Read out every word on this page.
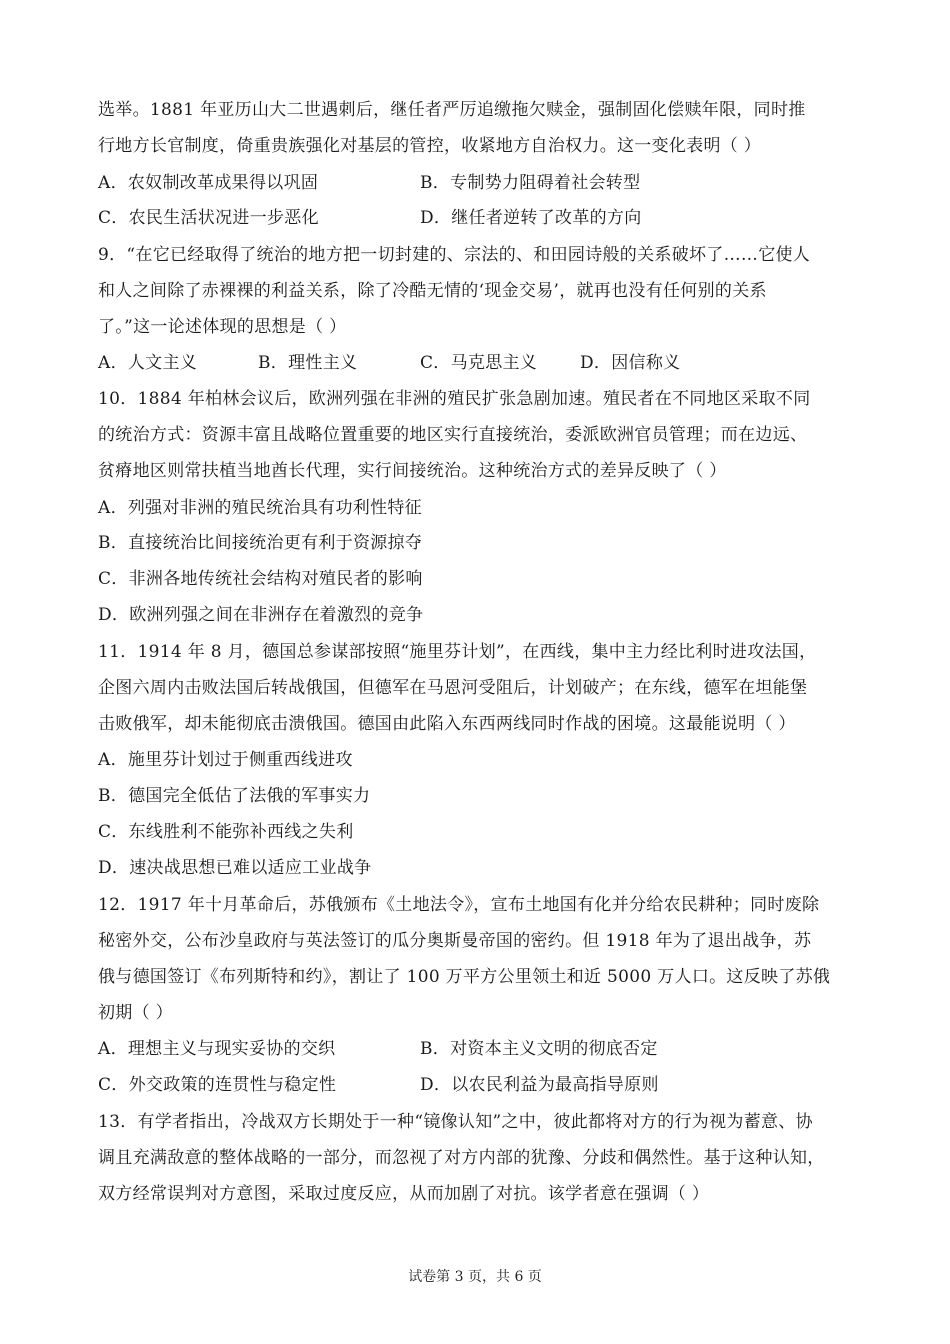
选举。1881 年亚历山大二世遇刺后，继任者严厉追缴拖欠赎金，强制固化偿赎年限，同时推
行地方长官制度，倚重贵族强化对基层的管控，收紧地方自治权力。这一变化表明（ ）
A．农奴制改革成果得以巩固	B．专制势力阻碍着社会转型
C．农民生活状况进一步恶化	D．继任者逆转了改革的方向
9．“在它已经取得了统治的地方把一切封建的、宗法的、和田园诗般的关系破坏了……它使人
和人之间除了赤裸裸的利益关系，除了冷酷无情的‘现金交易’，就再也没有任何别的关系
了。”这一论述体现的思想是（ ）
A．人文主义	B．理性主义	C．马克思主义	D．因信称义
10．1884 年柏林会议后，欧洲列强在非洲的殖民扩张急剧加速。殖民者在不同地区采取不同
的统治方式：资源丰富且战略位置重要的地区实行直接统治，委派欧洲官员管理；而在边远、
贫瘠地区则常扶植当地酋长代理，实行间接统治。这种统治方式的差异反映了（ ）
A．列强对非洲的殖民统治具有功利性特征
B．直接统治比间接统治更有利于资源掠夺
C．非洲各地传统社会结构对殖民者的影响
D．欧洲列强之间在非洲存在着激烈的竞争
11．1914 年 8 月，德国总参谋部按照“施里芬计划”，在西线，集中主力经比利时进攻法国，
企图六周内击败法国后转战俄国，但德军在马恩河受阻后，计划破产；在东线，德军在坦能堡
击败俄军，却未能彻底击溃俄国。德国由此陷入东西两线同时作战的困境。这最能说明（ ）
A．施里芬计划过于侧重西线进攻
B．德国完全低估了法俄的军事实力
C．东线胜利不能弥补西线之失利
D．速决战思想已难以适应工业战争
12．1917 年十月革命后，苏俄颁布《土地法令》，宣布土地国有化并分给农民耕种；同时废除
秘密外交，公布沙皇政府与英法签订的瓜分奥斯曼帝国的密约。但 1918 年为了退出战争，苏
俄与德国签订《布列斯特和约》，割让了 100 万平方公里领土和近 5000 万人口。这反映了苏俄
初期（ ）
A．理想主义与现实妥协的交织	B．对资本主义文明的彻底否定
C．外交政策的连贯性与稳定性	D．以农民利益为最高指导原则
13．有学者指出，冷战双方长期处于一种“镜像认知”之中，彼此都将对方的行为视为蓄意、协
调且充满敌意的整体战略的一部分，而忽视了对方内部的犹豫、分歧和偶然性。基于这种认知，
双方经常误判对方意图，采取过度反应，从而加剧了对抗。该学者意在强调（ ）
试卷第 3 页，共 6 页
